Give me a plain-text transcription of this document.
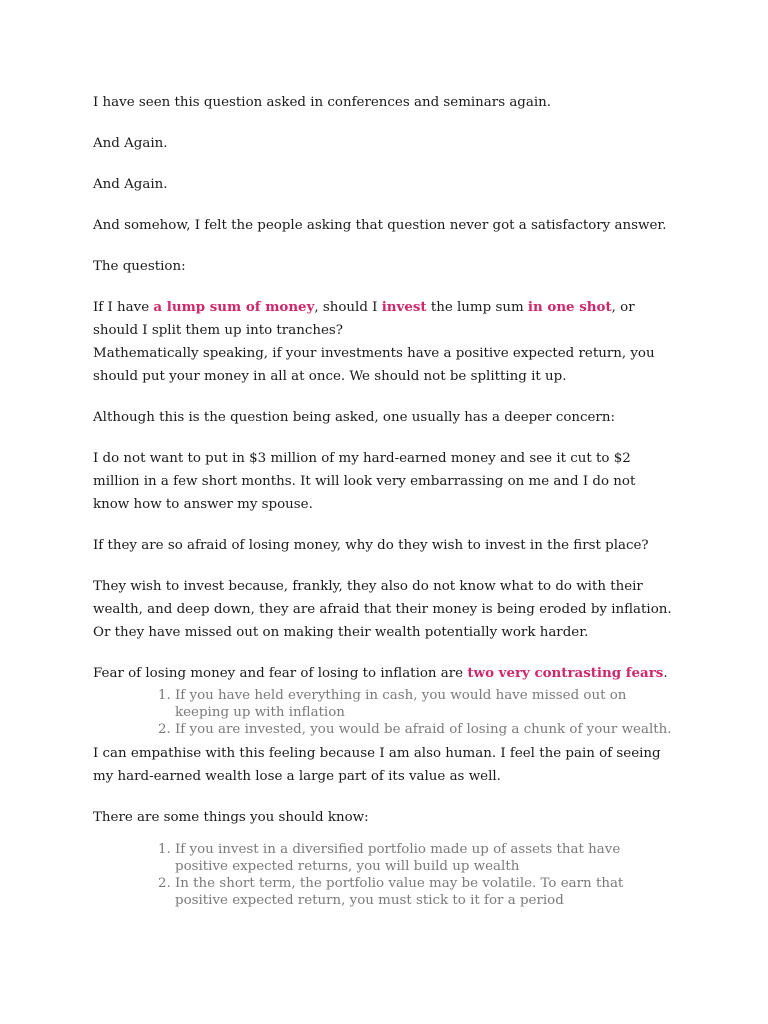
I have seen this question asked in conferences and seminars again.

And Again.

And Again.

And somehow, I felt the people asking that question never got a satisfactory answer.

The question:

If I have a lump sum of money, should I invest the lump sum in one shot, or should I split them up into tranches?

Mathematically speaking, if your investments have a positive expected return, you should put your money in all at once. We should not be splitting it up.

Although this is the question being asked, one usually has a deeper concern:

I do not want to put in $3 million of my hard-earned money and see it cut to $2 million in a few short months. It will look very embarrassing on me and I do not know how to answer my spouse.

If they are so afraid of losing money, why do they wish to invest in the first place?

They wish to invest because, frankly, they also do not know what to do with their wealth, and deep down, they are afraid that their money is being eroded by inflation. Or they have missed out on making their wealth potentially work harder.

Fear of losing money and fear of losing to inflation are two very contrasting fears.

1. If you have held everything in cash, you would have missed out on keeping up with inflation
2. If you are invested, you would be afraid of losing a chunk of your wealth.

I can empathise with this feeling because I am also human. I feel the pain of seeing my hard-earned wealth lose a large part of its value as well.

There are some things you should know:

1. If you invest in a diversified portfolio made up of assets that have positive expected returns, you will build up wealth
2. In the short term, the portfolio value may be volatile. To earn that positive expected return, you must stick to it for a period
